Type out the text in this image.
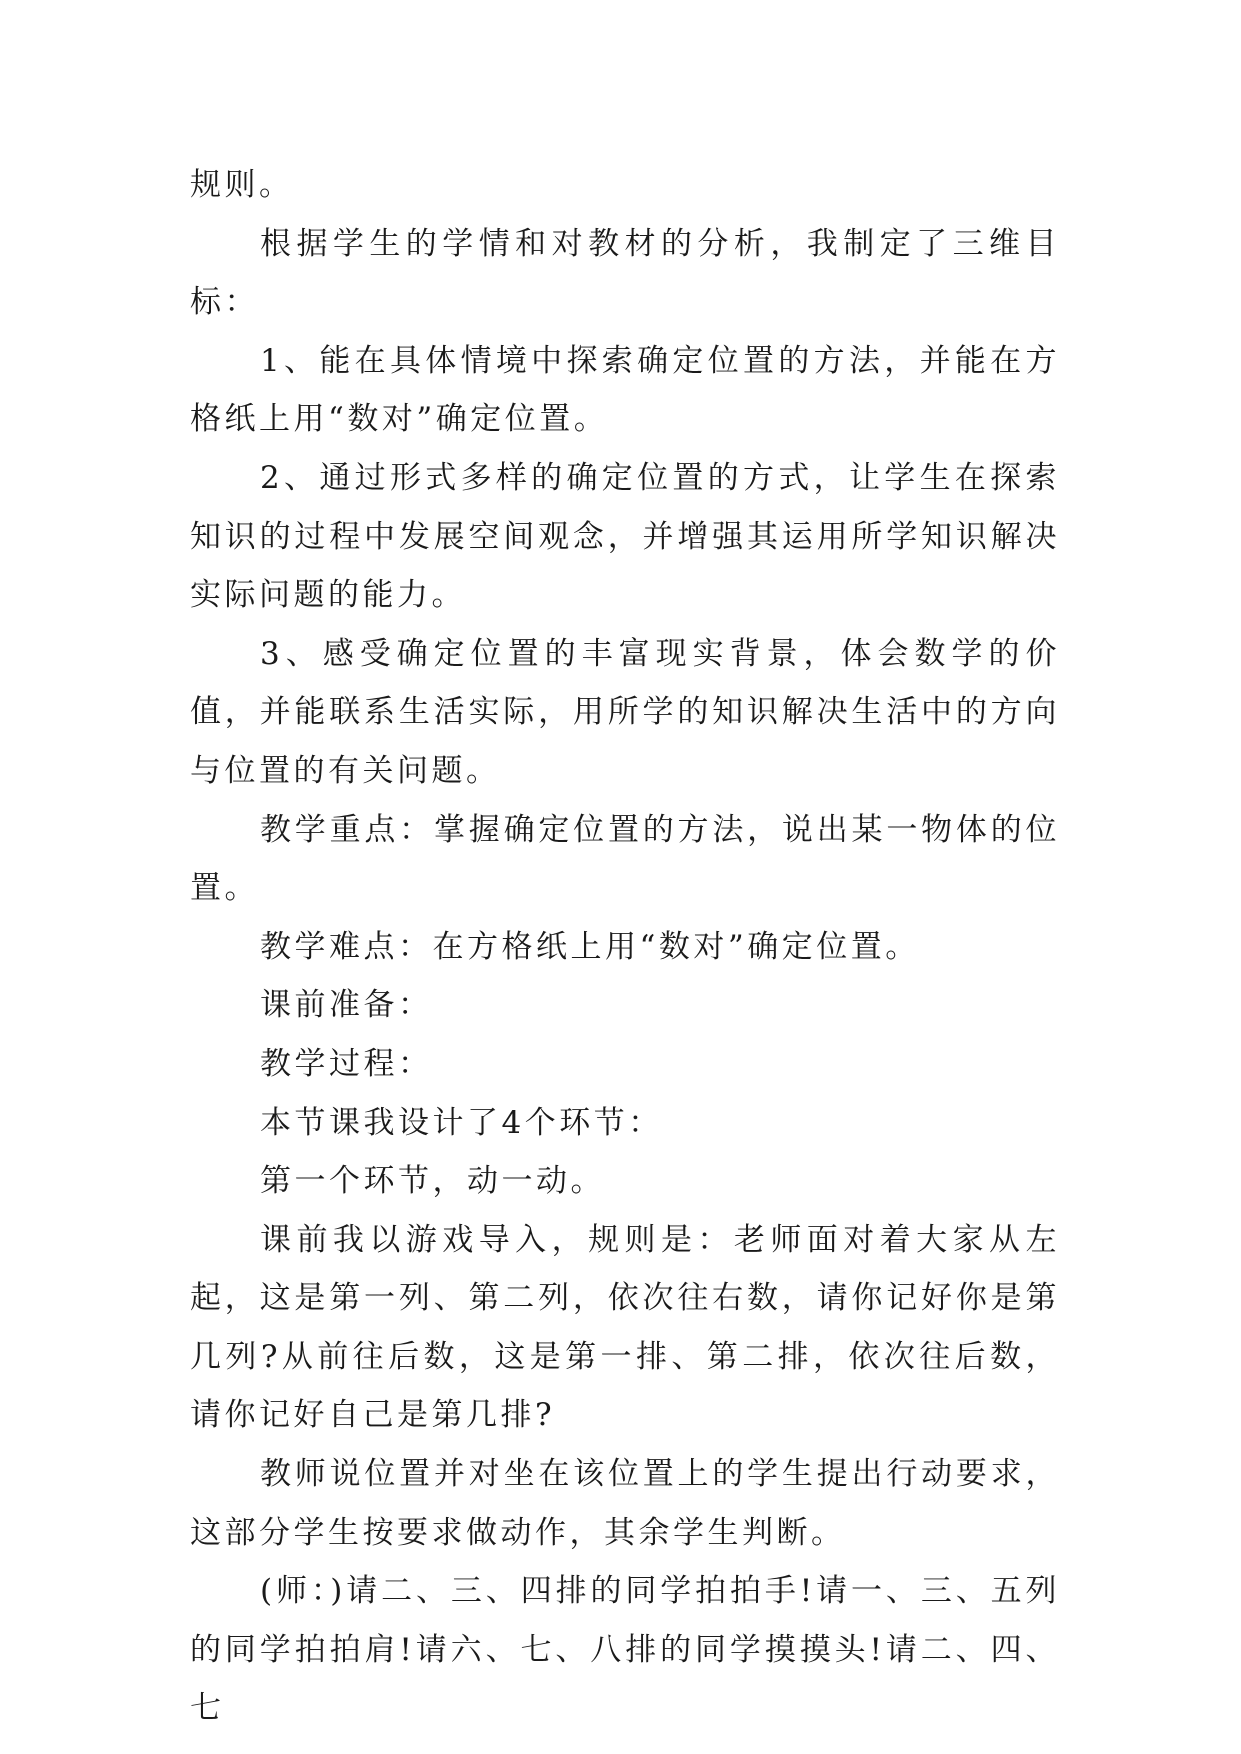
规则。

根据学生的学情和对教材的分析，我制定了三维目标：

1、能在具体情境中探索确定位置的方法，并能在方格纸上用“数对”确定位置。

2、通过形式多样的确定位置的方式，让学生在探索知识的过程中发展空间观念，并增强其运用所学知识解决实际问题的能力。

3、感受确定位置的丰富现实背景，体会数学的价值，并能联系生活实际，用所学的知识解决生活中的方向与位置的有关问题。

教学重点：掌握确定位置的方法，说出某一物体的位置。

教学难点：在方格纸上用“数对”确定位置。

课前准备：

教学过程：

本节课我设计了4个环节：

第一个环节，动一动。

课前我以游戏导入，规则是：老师面对着大家从左起，这是第一列、第二列，依次往右数，请你记好你是第几列?从前往后数，这是第一排、第二排，依次往后数，请你记好自己是第几排?

教师说位置并对坐在该位置上的学生提出行动要求，这部分学生按要求做动作，其余学生判断。

(师：)请二、三、四排的同学拍拍手!请一、三、五列的同学拍拍肩!请六、七、八排的同学摸摸头!请二、四、七
